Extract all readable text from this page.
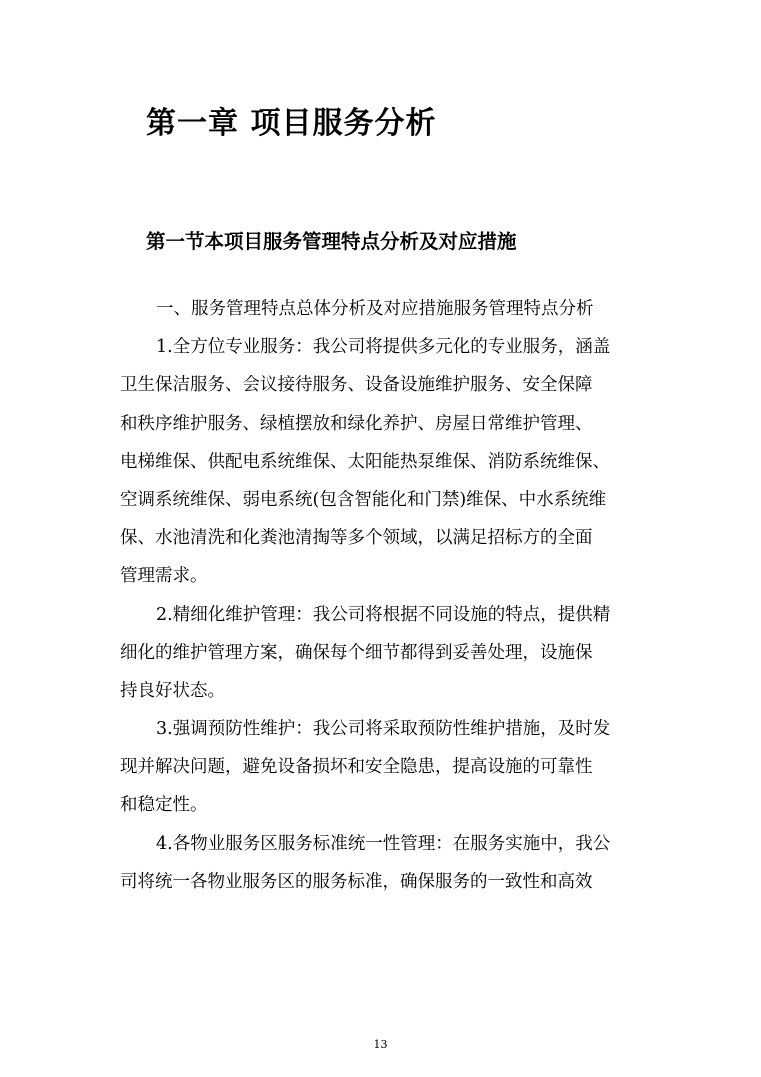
第一章 项目服务分析
第一节本项目服务管理特点分析及对应措施
一、服务管理特点总体分析及对应措施服务管理特点分析
1.全方位专业服务：我公司将提供多元化的专业服务，涵盖
卫生保洁服务、会议接待服务、设备设施维护服务、安全保障
和秩序维护服务、绿植摆放和绿化养护、房屋日常维护管理、
电梯维保、供配电系统维保、太阳能热泵维保、消防系统维保、
空调系统维保、弱电系统(包含智能化和门禁)维保、中水系统维
保、水池清洗和化粪池清掏等多个领域，以满足招标方的全面
管理需求。
2.精细化维护管理：我公司将根据不同设施的特点，提供精
细化的维护管理方案，确保每个细节都得到妥善处理，设施保
持良好状态。
3.强调预防性维护：我公司将采取预防性维护措施，及时发
现并解决问题，避免设备损坏和安全隐患，提高设施的可靠性
和稳定性。
4.各物业服务区服务标准统一性管理：在服务实施中，我公
司将统一各物业服务区的服务标准，确保服务的一致性和高效
13
